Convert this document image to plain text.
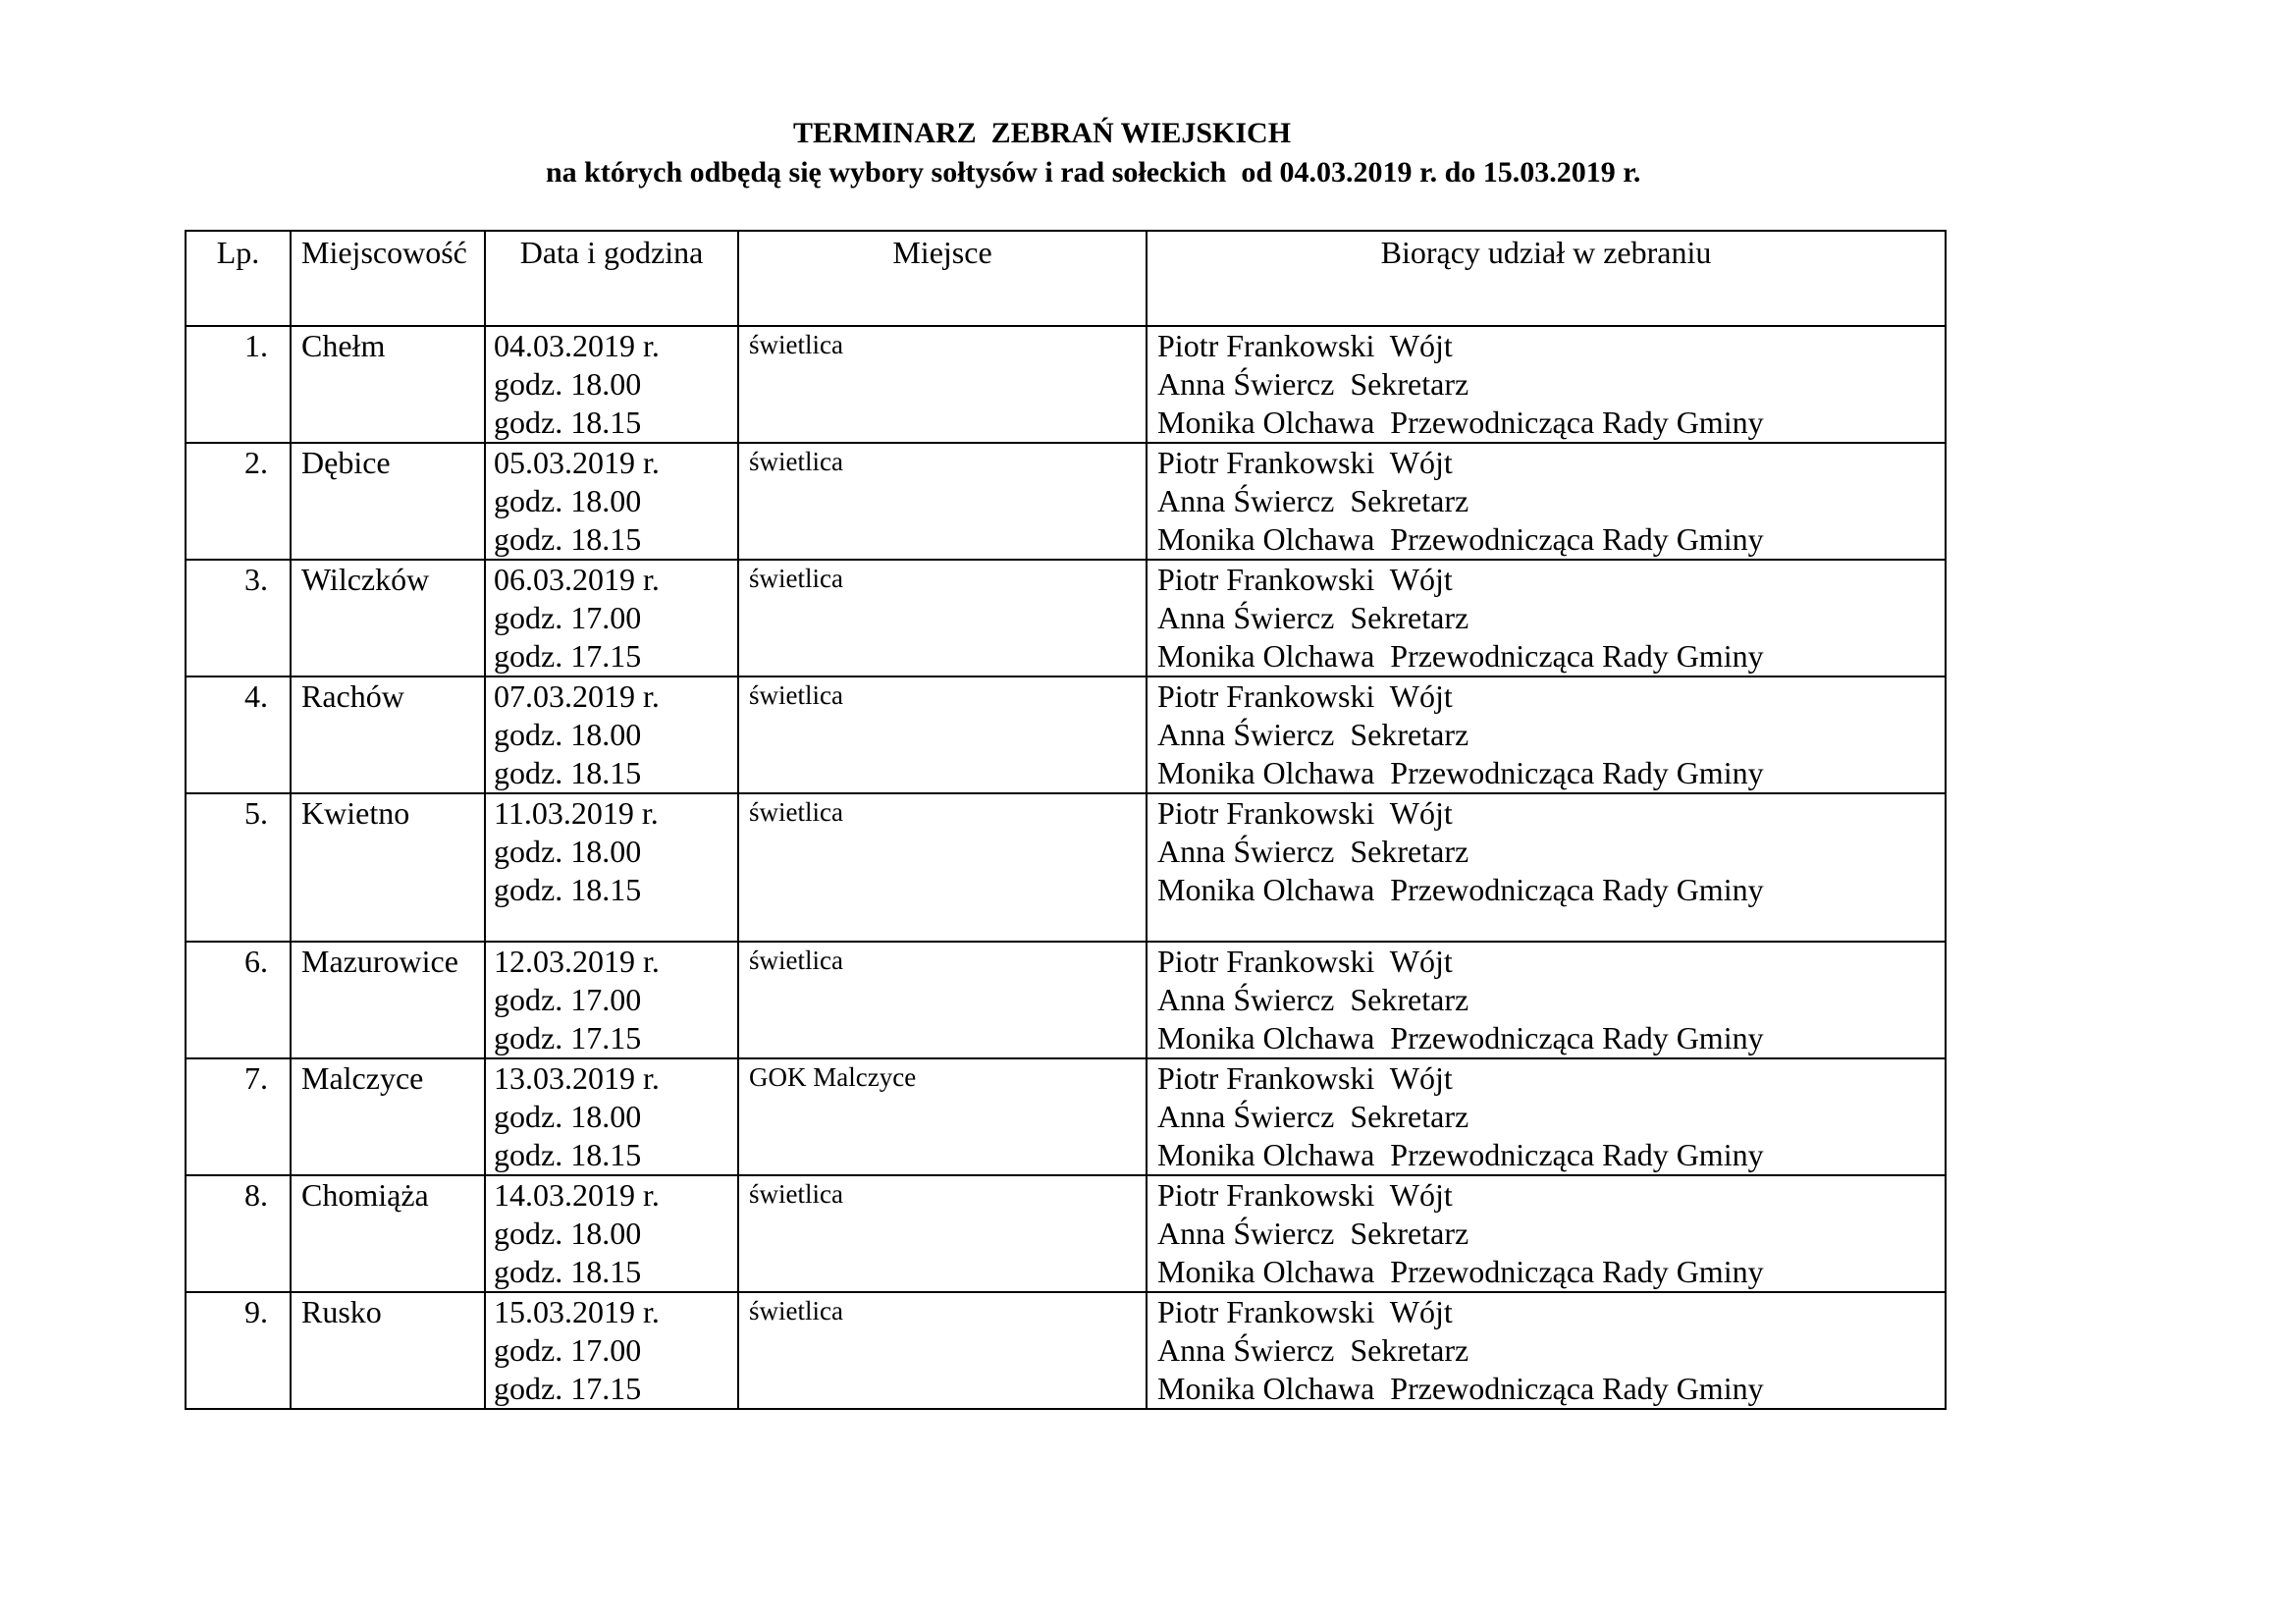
TERMINARZ  ZEBRAŃ WIEJSKICH
na których odbędą się wybory sołtysów i rad sołeckich  od 04.03.2019 r. do 15.03.2019 r.
Lp.	Miejscowość	Data i godzina	Miejsce	Biorący udział w zebraniu

1.	Chełm	04.03.2019 r.
godz. 18.00
godz. 18.15	świetlica	Piotr Frankowski  Wójt
Anna Świercz  Sekretarz
Monika Olchawa  Przewodnicząca Rady Gminy

2.	Dębice	05.03.2019 r.
godz. 18.00
godz. 18.15	świetlica	Piotr Frankowski  Wójt
Anna Świercz  Sekretarz
Monika Olchawa  Przewodnicząca Rady Gminy

3.	Wilczków	06.03.2019 r.
godz. 17.00
godz. 17.15	świetlica	Piotr Frankowski  Wójt
Anna Świercz  Sekretarz
Monika Olchawa  Przewodnicząca Rady Gminy

4.	Rachów	07.03.2019 r.
godz. 18.00
godz. 18.15	świetlica	Piotr Frankowski  Wójt
Anna Świercz  Sekretarz
Monika Olchawa  Przewodnicząca Rady Gminy

5.	Kwietno	11.03.2019 r.
godz. 18.00
godz. 18.15	świetlica	Piotr Frankowski  Wójt
Anna Świercz  Sekretarz
Monika Olchawa  Przewodnicząca Rady Gminy

6.	Mazurowice	12.03.2019 r.
godz. 17.00
godz. 17.15	świetlica	Piotr Frankowski  Wójt
Anna Świercz  Sekretarz
Monika Olchawa  Przewodnicząca Rady Gminy

7.	Malczyce	13.03.2019 r.
godz. 18.00
godz. 18.15	GOK Malczyce	Piotr Frankowski  Wójt
Anna Świercz  Sekretarz
Monika Olchawa  Przewodnicząca Rady Gminy

8.	Chomiąża	14.03.2019 r.
godz. 18.00
godz. 18.15	świetlica	Piotr Frankowski  Wójt
Anna Świercz  Sekretarz
Monika Olchawa  Przewodnicząca Rady Gminy

9.	Rusko	15.03.2019 r.
godz. 17.00
godz. 17.15	świetlica	Piotr Frankowski  Wójt
Anna Świercz  Sekretarz
Monika Olchawa  Przewodnicząca Rady Gminy
